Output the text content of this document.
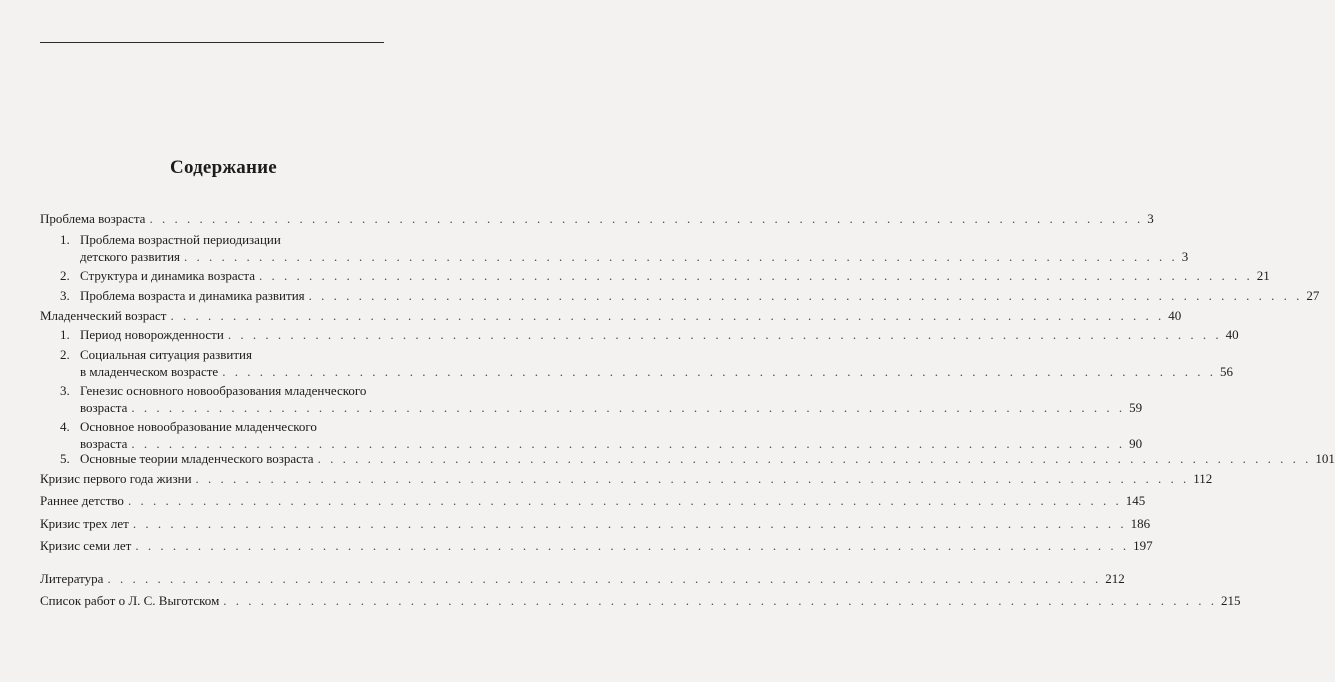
Содержание
Проблема возраста . . . . . . . . . . . . . . . . . . . . . . . . . . . . . . . . . . . . . . . . . . . . . . . . . . . . . . . . . . . . . . . . . . . . . . . . . . . . . . . . 3
1. Проблема возрастной периодизации
детского развития . . . . . . . . . . . . . . . . . . . . . . . . . . . . . . . . . . . . . . . . . . . . . . . . . . . . . . . . . . . . . . . . . . . . . . . . . . . . . . . . 3
2. Структура и динамика возраста . . . . . . . . . . . . . . . . . . . . . . . . . . . . . . . . . . . . . . . . . . . . . . . . . . . . . . . . . . . . . . . . . . . . . . . . . . . . . . . . 21
3. Проблема возраста и динамика развития . . . . . . . . . . . . . . . . . . . . . . . . . . . . . . . . . . . . . . . . . . . . . . . . . . . . . . . . . . . . . . . . . . . . . . . . . . . . . . . . 27
Младенческий возраст . . . . . . . . . . . . . . . . . . . . . . . . . . . . . . . . . . . . . . . . . . . . . . . . . . . . . . . . . . . . . . . . . . . . . . . . . . . . . . . . 40
1. Период новорожденности . . . . . . . . . . . . . . . . . . . . . . . . . . . . . . . . . . . . . . . . . . . . . . . . . . . . . . . . . . . . . . . . . . . . . . . . . . . . . . . . 40
2. Социальная ситуация развития
в младенческом возрасте . . . . . . . . . . . . . . . . . . . . . . . . . . . . . . . . . . . . . . . . . . . . . . . . . . . . . . . . . . . . . . . . . . . . . . . . . . . . . . . . 56
3. Генезис основного новообразования младенческого
возраста . . . . . . . . . . . . . . . . . . . . . . . . . . . . . . . . . . . . . . . . . . . . . . . . . . . . . . . . . . . . . . . . . . . . . . . . . . . . . . . . 59
4. Основное новообразование младенческого
возраста . . . . . . . . . . . . . . . . . . . . . . . . . . . . . . . . . . . . . . . . . . . . . . . . . . . . . . . . . . . . . . . . . . . . . . . . . . . . . . . . 90
5. Основные теории младенческого возраста . . . . . . . . . . . . . . . . . . . . . . . . . . . . . . . . . . . . . . . . . . . . . . . . . . . . . . . . . . . . . . . . . . . . . . . . . . . . . . . . 101
Кризис первого года жизни . . . . . . . . . . . . . . . . . . . . . . . . . . . . . . . . . . . . . . . . . . . . . . . . . . . . . . . . . . . . . . . . . . . . . . . . . . . . . . . . 112
Раннее детство . . . . . . . . . . . . . . . . . . . . . . . . . . . . . . . . . . . . . . . . . . . . . . . . . . . . . . . . . . . . . . . . . . . . . . . . . . . . . . . . 145
Кризис трех лет . . . . . . . . . . . . . . . . . . . . . . . . . . . . . . . . . . . . . . . . . . . . . . . . . . . . . . . . . . . . . . . . . . . . . . . . . . . . . . . . 186
Кризис семи лет . . . . . . . . . . . . . . . . . . . . . . . . . . . . . . . . . . . . . . . . . . . . . . . . . . . . . . . . . . . . . . . . . . . . . . . . . . . . . . . . 197
Литература . . . . . . . . . . . . . . . . . . . . . . . . . . . . . . . . . . . . . . . . . . . . . . . . . . . . . . . . . . . . . . . . . . . . . . . . . . . . . . . . 212
Список работ о Л. С. Выготском . . . . . . . . . . . . . . . . . . . . . . . . . . . . . . . . . . . . . . . . . . . . . . . . . . . . . . . . . . . . . . . . . . . . . . . . . . . . . . . . 215
